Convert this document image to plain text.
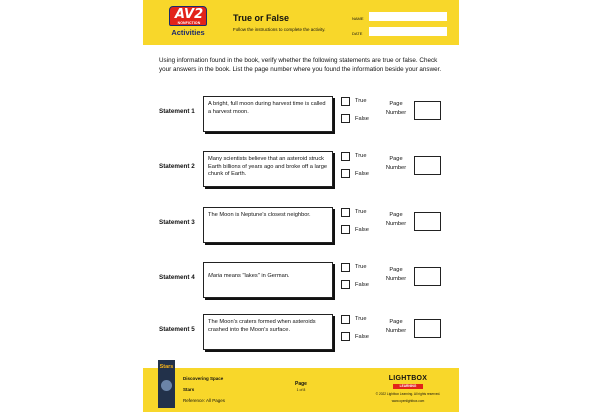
AV2
NONFICTION
Activities
True or False
Follow the instructions to complete the activity.
NAME
DATE
Using information found in the book, verify whether the following statements are true or false. Check your answers in the book. List the page number where you found the information beside your answer.
Statement 1
A bright, full moon during harvest time is called a harvest moon.
True
False
Page Number
Statement 2
Many scientists believe that an asteroid struck Earth billions of years ago and broke off a large chunk of Earth.
True
False
Page Number
Statement 3
The Moon is Neptune's closest neighbor.	True
False
Page Number
Statement 4	Maria means "lakes" in German.
True
False
Page Number
Statement 5
The Moon's craters formed when asteroids crashed into the Moon's surface.
True
False
Page Number
Stars
Discovering Space
Stars
Reference: All Pages
Page
1 of 8
LIGHTBOX
LEARNING
© 2022 Lightbox Learning. All rights reserved.
www.openlightbox.com
